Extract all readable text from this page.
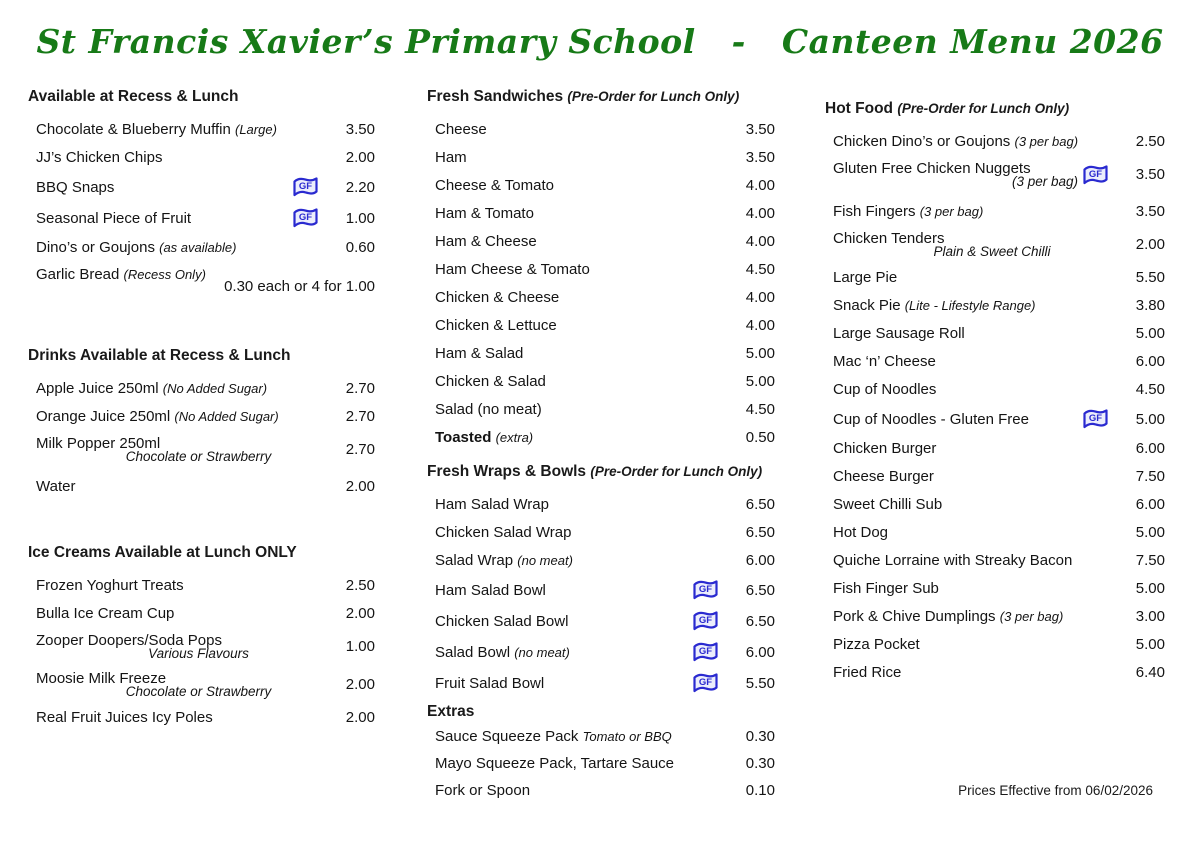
St Francis Xavier’s Primary School   -   Canteen Menu 2026
Available at Recess & Lunch
Chocolate & Blueberry Muffin (Large)	3.50
JJ’s Chicken Chips	2.00
BBQ Snaps	GF	2.20
Seasonal Piece of Fruit	GF	1.00
Dino’s or Goujons (as available)	0.60
Garlic Bread (Recess Only)
0.30 each or 4 for 1.00
Drinks Available at Recess & Lunch
Apple Juice 250ml (No Added Sugar)	2.70
Orange Juice 250ml (No Added Sugar)	2.70
Milk Popper 250ml
Chocolate or Strawberry	2.70
Water	2.00
Ice Creams Available at Lunch ONLY
Frozen Yoghurt Treats	2.50
Bulla Ice Cream Cup	2.00
Zooper Doopers/Soda Pops
Various Flavours	1.00
Moosie Milk Freeze
Chocolate or Strawberry	2.00
Real Fruit Juices Icy Poles	2.00
Fresh Sandwiches (Pre-Order for Lunch Only)
Cheese	3.50
Ham	3.50
Cheese & Tomato	4.00
Ham & Tomato	4.00
Ham & Cheese	4.00
Ham Cheese & Tomato	4.50
Chicken & Cheese	4.00
Chicken & Lettuce	4.00
Ham & Salad	5.00
Chicken & Salad	5.00
Salad (no meat)	4.50
Toasted (extra)	0.50
Fresh Wraps & Bowls (Pre-Order for Lunch Only)
Ham Salad Wrap	6.50
Chicken Salad Wrap	6.50
Salad Wrap (no meat)	6.00
Ham Salad Bowl	GF	6.50
Chicken Salad Bowl	GF	6.50
Salad Bowl (no meat)	GF	6.00
Fruit Salad Bowl	GF	5.50
Extras
Sauce Squeeze Pack Tomato or BBQ	0.30
Mayo Squeeze Pack, Tartare Sauce	0.30
Fork or Spoon	0.10
Hot Food (Pre-Order for Lunch Only)
Chicken Dino’s or Goujons (3 per bag)	2.50
Gluten Free Chicken Nuggets
(3 per bag)	GF	3.50
Fish Fingers (3 per bag)	3.50
Chicken Tenders
Plain & Sweet Chilli	2.00
Large Pie	5.50
Snack Pie (Lite - Lifestyle Range)	3.80
Large Sausage Roll	5.00
Mac ‘n’ Cheese	6.00
Cup of Noodles	4.50
Cup of Noodles - Gluten Free	GF	5.00
Chicken Burger	6.00
Cheese Burger	7.50
Sweet Chilli Sub	6.00
Hot Dog	5.00
Quiche Lorraine with Streaky Bacon	7.50
Fish Finger Sub	5.00
Pork & Chive Dumplings (3 per bag)	3.00
Pizza Pocket	5.00
Fried Rice	6.40
Prices Effective from 06/02/2026
